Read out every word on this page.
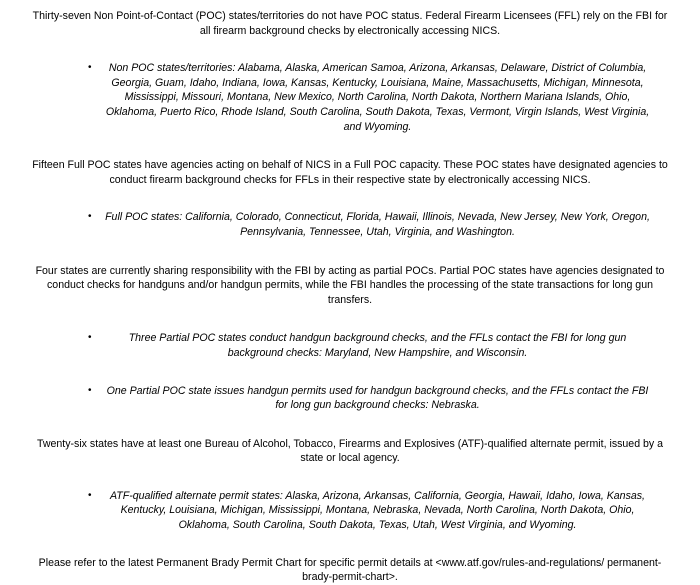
Thirty-seven Non Point-of-Contact (POC) states/territories do not have POC status. Federal Firearm Licensees (FFL) rely on the FBI for all firearm background checks by electronically accessing NICS.

•	Non POC states/territories: Alabama, Alaska, American Samoa, Arizona, Arkansas, Delaware, District of Columbia, Georgia, Guam, Idaho, Indiana, Iowa, Kansas, Kentucky, Louisiana, Maine, Massachusetts, Michigan, Minnesota, Mississippi, Missouri, Montana, New Mexico, North Carolina, North Dakota, Northern Mariana Islands, Ohio, Oklahoma, Puerto Rico, Rhode Island, South Carolina, South Dakota, Texas, Vermont, Virgin Islands, West Virginia, and Wyoming.

Fifteen Full POC states have agencies acting on behalf of NICS in a Full POC capacity. These POC states have designated agencies to conduct firearm background checks for FFLs in their respective state by electronically accessing NICS.

• Full POC states: California, Colorado, Connecticut, Florida, Hawaii, Illinois, Nevada, New Jersey, New York, Oregon, Pennsylvania, Tennessee, Utah, Virginia, and Washington.

Four states are currently sharing responsibility with the FBI by acting as partial POCs. Partial POC states have agencies designated to conduct checks for handguns and/or handgun permits, while the FBI handles the processing of the state transactions for long gun transfers.

•	Three Partial POC states conduct handgun background checks, and the FFLs contact the FBI for long gun background checks: Maryland, New Hampshire, and Wisconsin.

• One Partial POC state issues handgun permits used for handgun background checks, and the FFLs contact the FBI for long gun background checks: Nebraska.

Twenty-six states have at least one Bureau of Alcohol, Tobacco, Firearms and Explosives (ATF)-qualified alternate permit, issued by a state or local agency.

•	ATF-qualified alternate permit states: Alaska, Arizona, Arkansas, California, Georgia, Hawaii, Idaho, Iowa, Kansas, Kentucky, Louisiana, Michigan, Mississippi, Montana, Nebraska, Nevada, North Carolina, North Dakota, Ohio, Oklahoma, South Carolina, South Dakota, Texas, Utah, West Virginia, and Wyoming.

Please refer to the latest Permanent Brady Permit Chart for specific permit details at <www.atf.gov/rules-and-regulations/ permanent-brady-permit-chart>.
